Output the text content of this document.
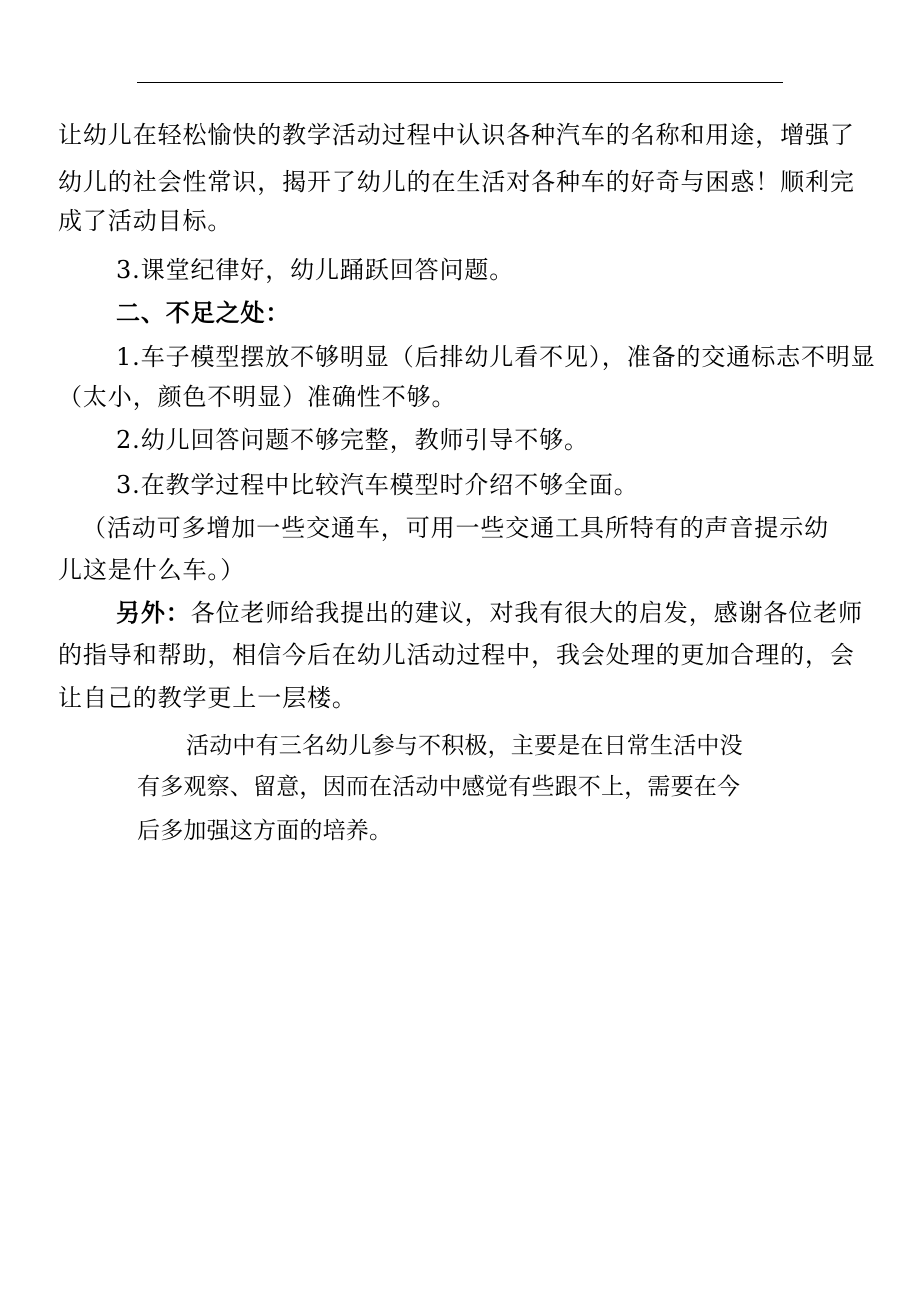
让幼儿在轻松愉快的教学活动过程中认识各种汽车的名称和用途，增强了
幼儿的社会性常识，揭开了幼儿的在生活对各种车的好奇与困惑！顺利完
成了活动目标。
3.课堂纪律好，幼儿踊跃回答问题。
二、不足之处：
1.车子模型摆放不够明显（后排幼儿看不见），准备的交通标志不明显
（太小，颜色不明显）准确性不够。
2.幼儿回答问题不够完整，教师引导不够。
3.在教学过程中比较汽车模型时介绍不够全面。
（活动可多增加一些交通车，可用一些交通工具所特有的声音提示幼
儿这是什么车。）
另外：各位老师给我提出的建议，对我有很大的启发，感谢各位老师
的指导和帮助，相信今后在幼儿活动过程中，我会处理的更加合理的，会
让自己的教学更上一层楼。
活动中有三名幼儿参与不积极，主要是在日常生活中没
有多观察、留意，因而在活动中感觉有些跟不上，需要在今
后多加强这方面的培养。
